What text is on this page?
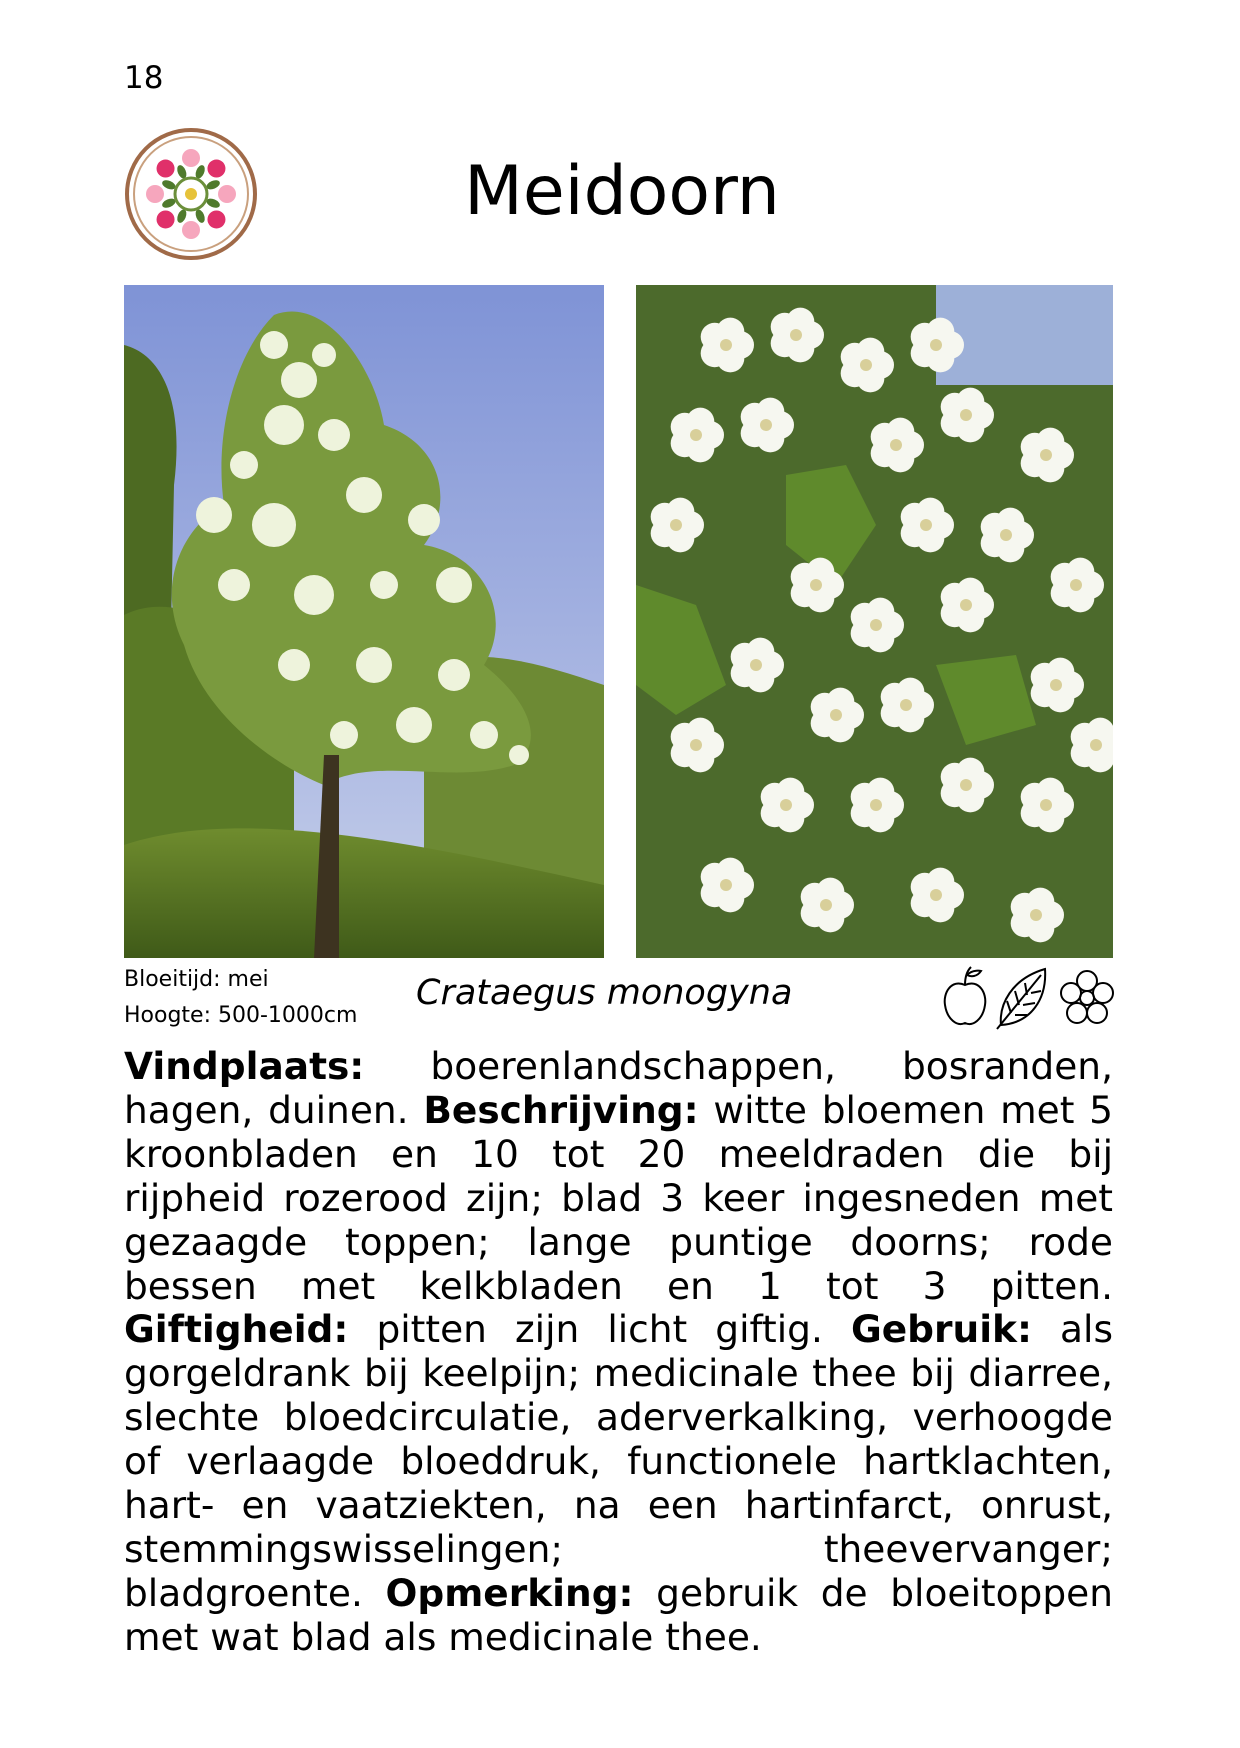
18
Meidoorn
Bloeitijd: mei
Hoogte: 500-1000cm
Crataegus monogyna

Vindplaats: boerenlandschappen, bosranden, hagen, duinen. Beschrijving: witte bloemen met 5 kroonbladen en 10 tot 20 meeldraden die bij rijpheid rozerood zijn; blad 3 keer ingesneden met gezaagde toppen; lange puntige doorns; rode bessen met kelkbladen en 1 tot 3 pitten. Giftigheid: pitten zijn licht giftig. Gebruik: als gorgeldrank bij keelpijn; medicinale thee bij diarree, slechte bloedcirculatie, aderverkalking, verhoogde of verlaagde bloeddruk, functionele hartklachten, hart- en vaatziekten, na een hartinfarct, onrust, stemmingswisselingen; theevervanger; bladgroente. Opmerking: gebruik de bloeitoppen met wat blad als medicinale thee.
